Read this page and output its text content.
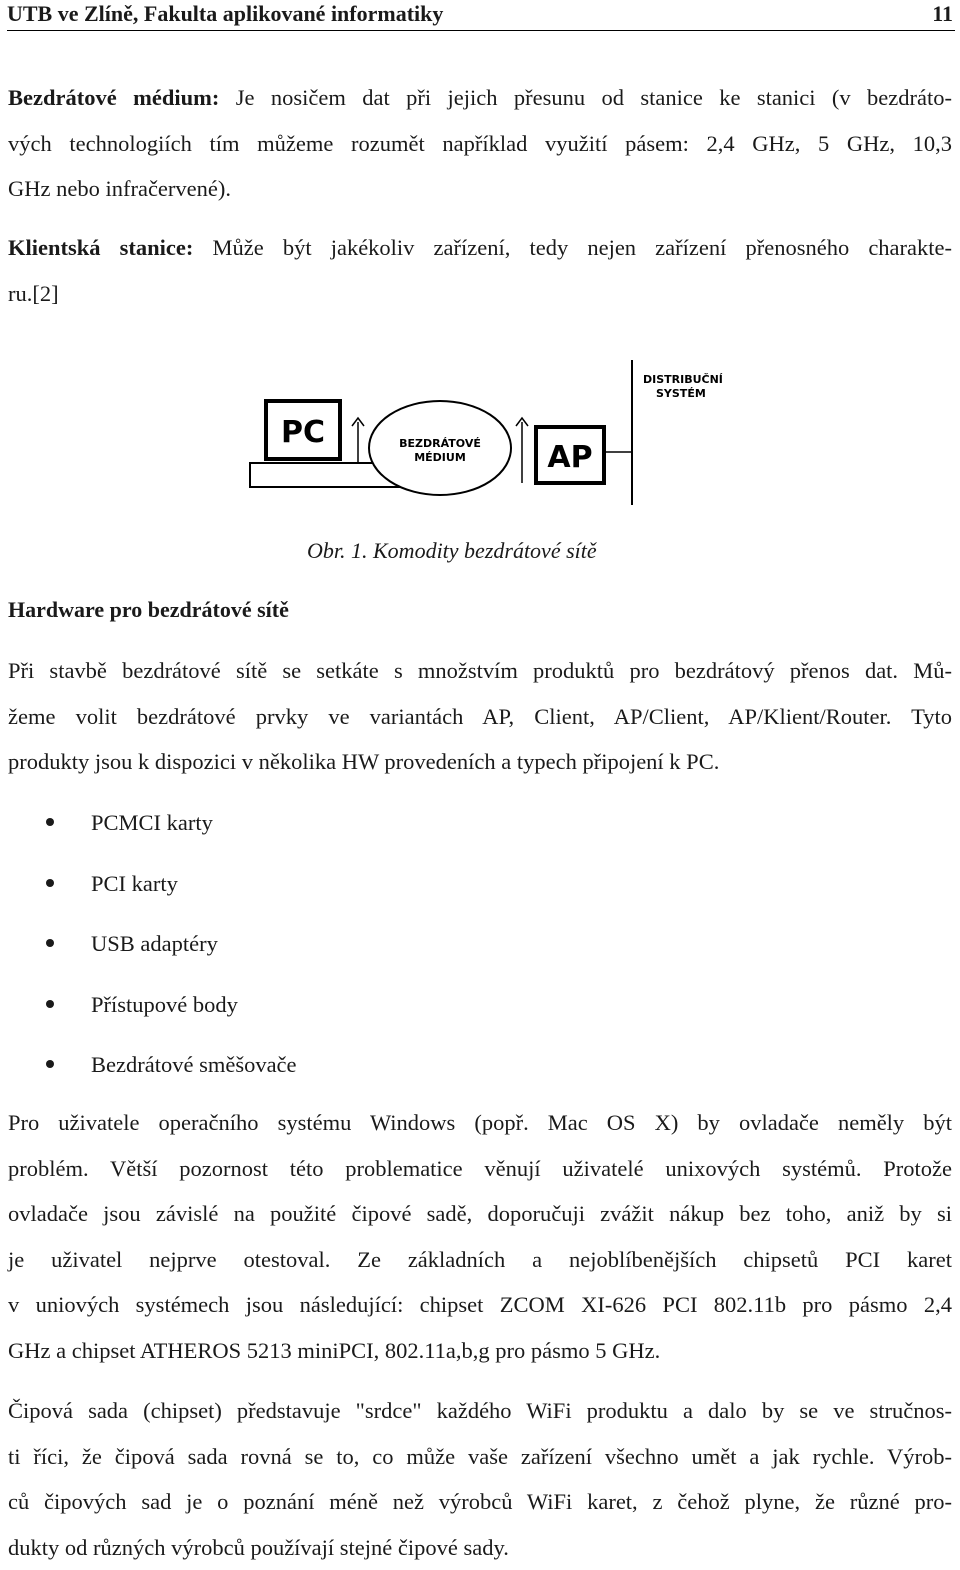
UTB ve Zlíně, Fakulta aplikované informatiky	11

Bezdrátové médium: Je nosičem dat při jejich přesunu od stanice ke stanici (v bezdráto-
vých technologiích tím můžeme rozumět například využití pásem: 2,4 GHz, 5 GHz, 10,3
GHz nebo infračervené).

Klientská stanice: Může být jakékoliv zařízení, tedy nejen zařízení přenosného charakte-
ru.[2]

PC	BEZDRÁTOVÉ
MÉDIUM	AP
DISTRIBUČNÍ
SYSTÉM
Obr. 1. Komodity bezdrátové sítě
Hardware pro bezdrátové sítě

Při stavbě bezdrátové sítě se setkáte s množstvím produktů pro bezdrátový přenos dat. Mů-
žeme volit bezdrátové prvky ve variantách AP, Client, AP/Client, AP/Klient/Router. Tyto
produkty jsou k dispozici v několika HW provedeních a typech připojení k PC.

PCMCI karty
PCI karty
USB adaptéry
Přístupové body
Bezdrátové směšovače

Pro uživatele operačního systému Windows (popř. Mac OS X) by ovladače neměly být
problém. Větší pozornost této problematice věnují uživatelé unixových systémů. Protože
ovladače jsou závislé na použité čipové sadě, doporučuji zvážit nákup bez toho, aniž by si
je uživatel nejprve otestoval. Ze základních a nejoblíbenějších chipsetů PCI karet
v uniových systémech jsou následující: chipset ZCOM XI-626 PCI 802.11b pro pásmo 2,4
GHz a chipset ATHEROS 5213 miniPCI, 802.11a,b,g pro pásmo 5 GHz.

Čipová sada (chipset) představuje "srdce" každého WiFi produktu a dalo by se ve stručnos-
ti říci, že čipová sada rovná se to, co může vaše zařízení všechno umět a jak rychle. Výrob-
ců čipových sad je o poznání méně než výrobců WiFi karet, z čehož plyne, že různé pro-
dukty od různých výrobců používají stejné čipové sady.
